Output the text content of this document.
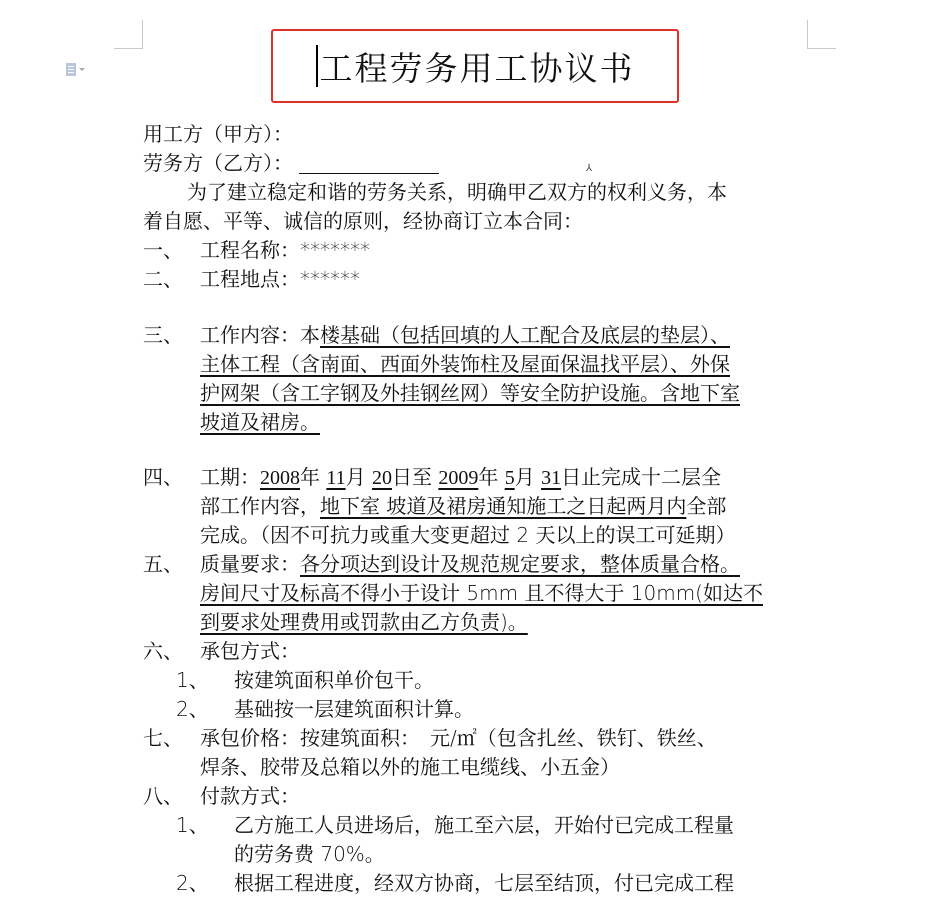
工程劳务用工协议书
用工方（甲方）：
劳务方（乙方）：	⅄
为了建立稳定和谐的劳务关系，明确甲乙双方的权利义务，本
着自愿、平等、诚信的原则，经协商订立本合同：
一、 工程名称：*******
二、 工程地点：******
三、 工作内容：本楼基础（包括回填的人工配合及底层的垫层）、
主体工程（含南面、西面外装饰柱及屋面保温找平层）、外保
护网架（含工字钢及外挂钢丝网）等安全防护设施。含地下室
坡道及裙房。
四、 工期：2008年 11月 20日至 2009年 5月 31日止完成十二层全
部工作内容，地下室 坡道及裙房通知施工之日起两月内全部
完成。（因不可抗力或重大变更超过 2 天以上的误工可延期）
五、 质量要求：各分项达到设计及规范规定要求，整体质量合格。
房间尺寸及标高不得小于设计 5mm 且不得大于 10mm(如达不
到要求处理费用或罚款由乙方负责)。
六、 承包方式：
1、 按建筑面积单价包干。
2、 基础按一层建筑面积计算。
七、 承包价格：按建筑面积：　元/㎡（包含扎丝、铁钉、铁丝、
焊条、胶带及总箱以外的施工电缆线、小五金）
八、 付款方式：
1、 乙方施工人员进场后，施工至六层，开始付已完成工程量
的劳务费 70%。
2、 根据工程进度，经双方协商，七层至结顶，付已完成工程
